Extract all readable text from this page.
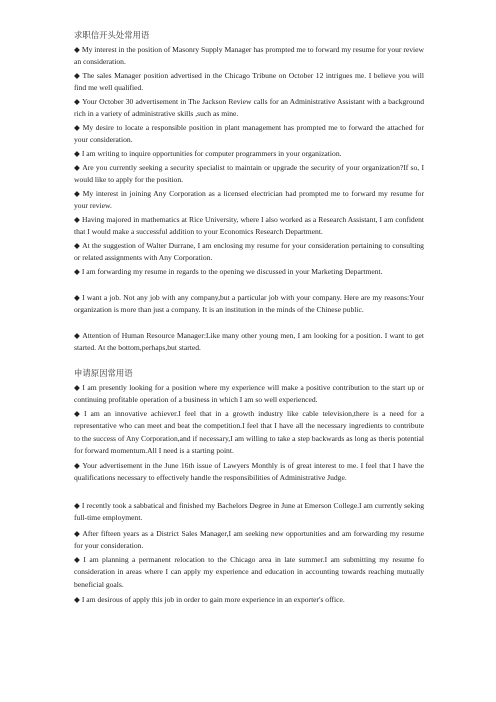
求职信开头处常用语
◆ My interest in the position of Masonry Supply Manager has prompted me to forward my resume for your review an consideration.
◆ The sales Manager position advertised in the Chicago Tribune on October 12 intrigues me. I believe you will find me well qualified.
◆ Your October 30 advertisement in The Jackson Review calls for an Administrative Assistant with a background rich in a variety of administrative skills ,such as mine.
◆ My desire to locate a responsible position in plant management has prompted me to forward the attached for your consideration.
◆ I am writing to inquire opportunities for computer programmers in your organization.
◆ Are you currently seeking a security specialist to maintain or upgrade the security of your organization?If so, I would like to apply for the position.
◆ My interest in joining Any Corporation as a licensed electrician had prompted me to forward my resume for your review.
◆ Having majored in mathematics at Rice University, where I also worked as a Research Assistant, I am confident that I would make a successful addition to your Economics Research Department.
◆ At the suggestion of Walter Durrane, I am enclosing my resume for your consideration pertaining to consulting or related assignments with Any Corporation.
◆ I am forwarding my resume in regards to the opening we discussed in your Marketing Department.
◆ I want a job. Not any job with any company,but a particular job with your company. Here are my reasons:Your organization is more than just a company. It is an institution in the minds of the Chinese public.
◆ Attention of Human Resource Manager:Like many other young men, I am looking for a position. I want to get started. At the bottom,perhaps,but started.
申请原因常用语
◆ I am presently looking for a position where my experience will make a positive contribution to the start up or continuing profitable operation of a business in which I am so well experienced.
◆ I am an innovative achiever.I feel that in a growth industry like cable television,there is a need for a representative who can meet and beat the competition.I feel that I have all the necessary ingredients to contribute to the success of Any Corporation,and if necessary,I am willing to take a step backwards as long as theris potential for forward momentum.All I need is a starting point.
◆ Your advertisement in the June 16th issue of Lawyers Monthly is of great interest to me. I feel that I have the qualifications necessary to effectively handle the responsibilities of Administrative Judge.
◆ I recently took a sabbatical and finished my Bachelors Degree in June at Emerson College.I am currently seking full-time employment.
◆ After fifteen years as a District Sales Manager,I am seeking new opportunities and am forwarding my resume for your consideration.
◆ I am planning a permanent relocation to the Chicago area in late summer.I am submitting my resume fo consideration in areas where I can apply my experience and education in accounting towards reaching mutually beneficial goals.
◆ I am desirous of apply this job in order to gain more experience in an exporter's office.
